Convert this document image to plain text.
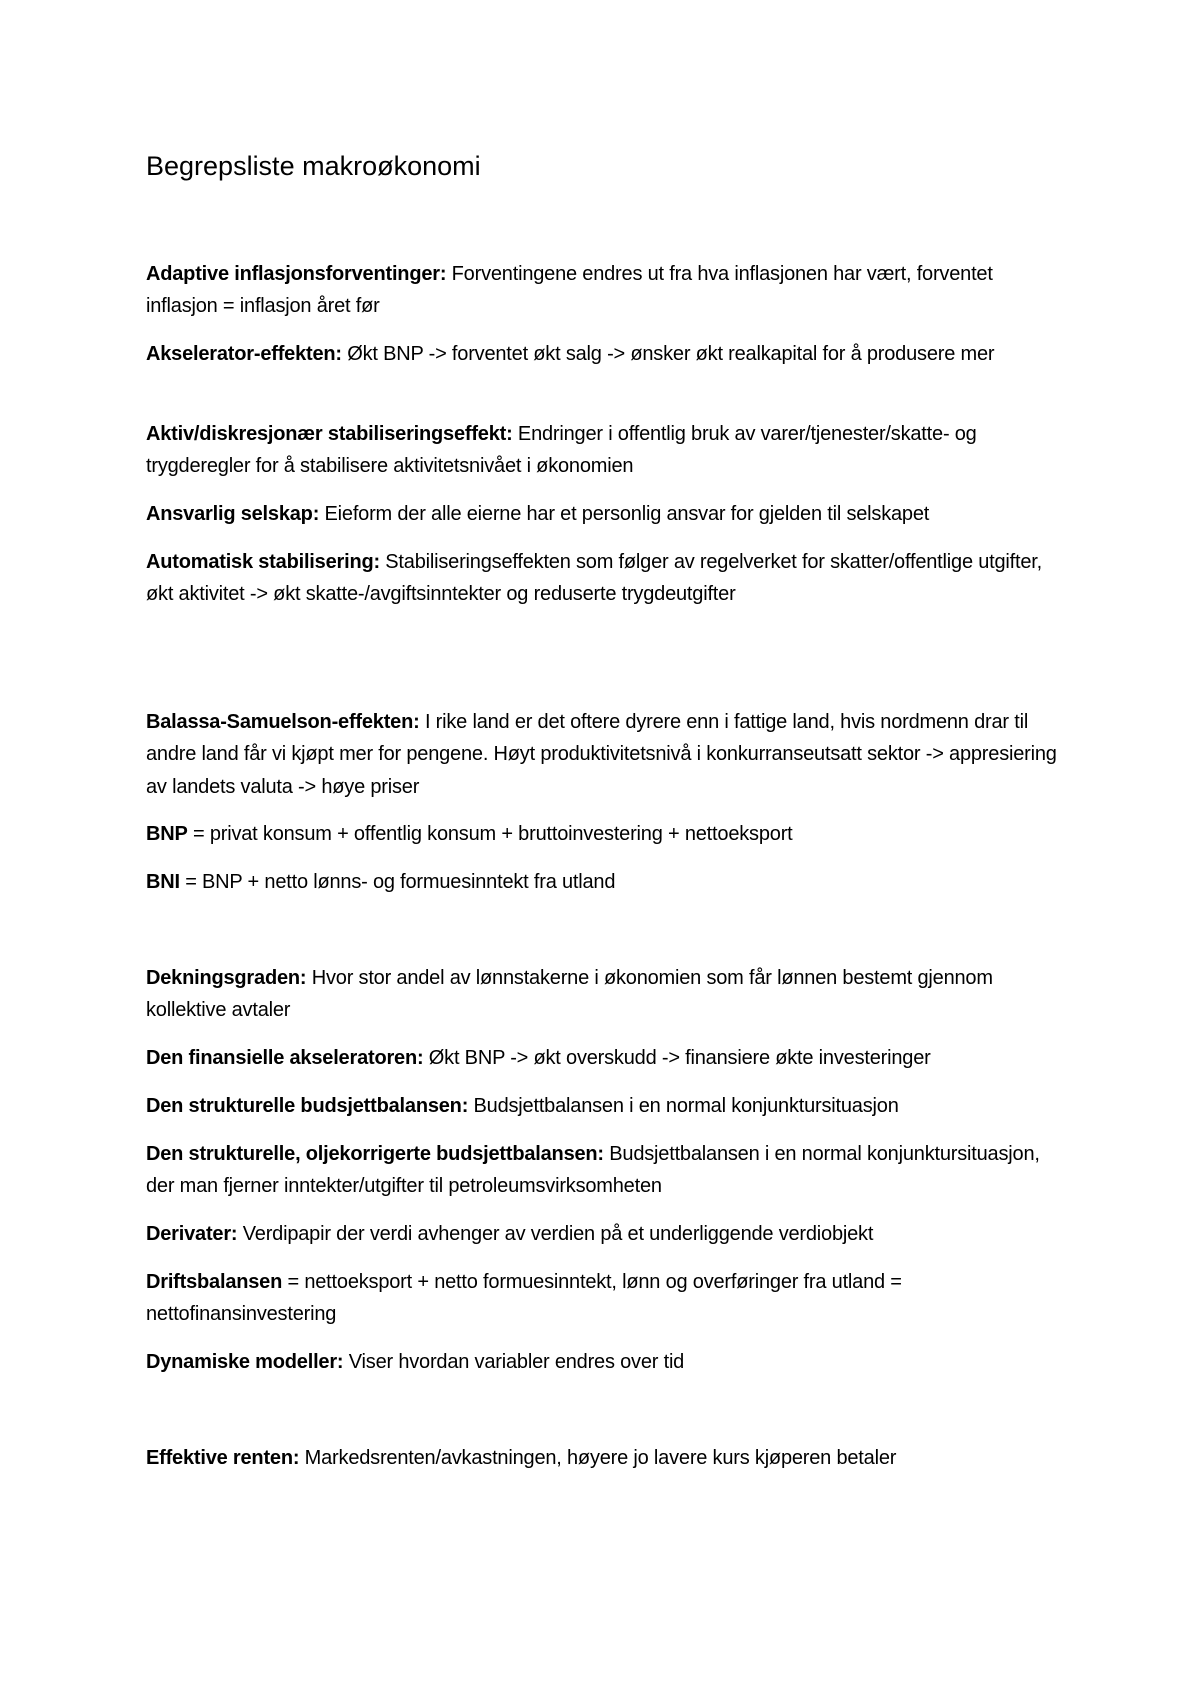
Begrepsliste makroøkonomi

Adaptive inflasjonsforventinger: Forventingene endres ut fra hva inflasjonen har vært, forventet inflasjon = inflasjon året før

Akselerator-effekten: Økt BNP -> forventet økt salg -> ønsker økt realkapital for å produsere mer

Aktiv/diskresjonær stabiliseringseffekt: Endringer i offentlig bruk av varer/tjenester/skatte- og trygderegler for å stabilisere aktivitetsnivået i økonomien

Ansvarlig selskap: Eieform der alle eierne har et personlig ansvar for gjelden til selskapet

Automatisk stabilisering: Stabiliseringseffekten som følger av regelverket for skatter/offentlige utgifter, økt aktivitet -> økt skatte-/avgiftsinntekter og reduserte trygdeutgifter

Balassa-Samuelson-effekten: I rike land er det oftere dyrere enn i fattige land, hvis nordmenn drar til andre land får vi kjøpt mer for pengene. Høyt produktivitetsnivå i konkurranseutsatt sektor -> appresiering av landets valuta -> høye priser

BNP = privat konsum + offentlig konsum + bruttoinvestering + nettoeksport

BNI = BNP + netto lønns- og formuesinntekt fra utland

Dekningsgraden: Hvor stor andel av lønnstakerne i økonomien som får lønnen bestemt gjennom kollektive avtaler

Den finansielle akseleratoren: Økt BNP -> økt overskudd -> finansiere økte investeringer

Den strukturelle budsjettbalansen: Budsjettbalansen i en normal konjunktursituasjon

Den strukturelle, oljekorrigerte budsjettbalansen: Budsjettbalansen i en normal konjunktursituasjon, der man fjerner inntekter/utgifter til petroleumsvirksomheten

Derivater: Verdipapir der verdi avhenger av verdien på et underliggende verdiobjekt

Driftsbalansen = nettoeksport + netto formuesinntekt, lønn og overføringer fra utland = nettofinansinvestering

Dynamiske modeller: Viser hvordan variabler endres over tid

Effektive renten: Markedsrenten/avkastningen, høyere jo lavere kurs kjøperen betaler
